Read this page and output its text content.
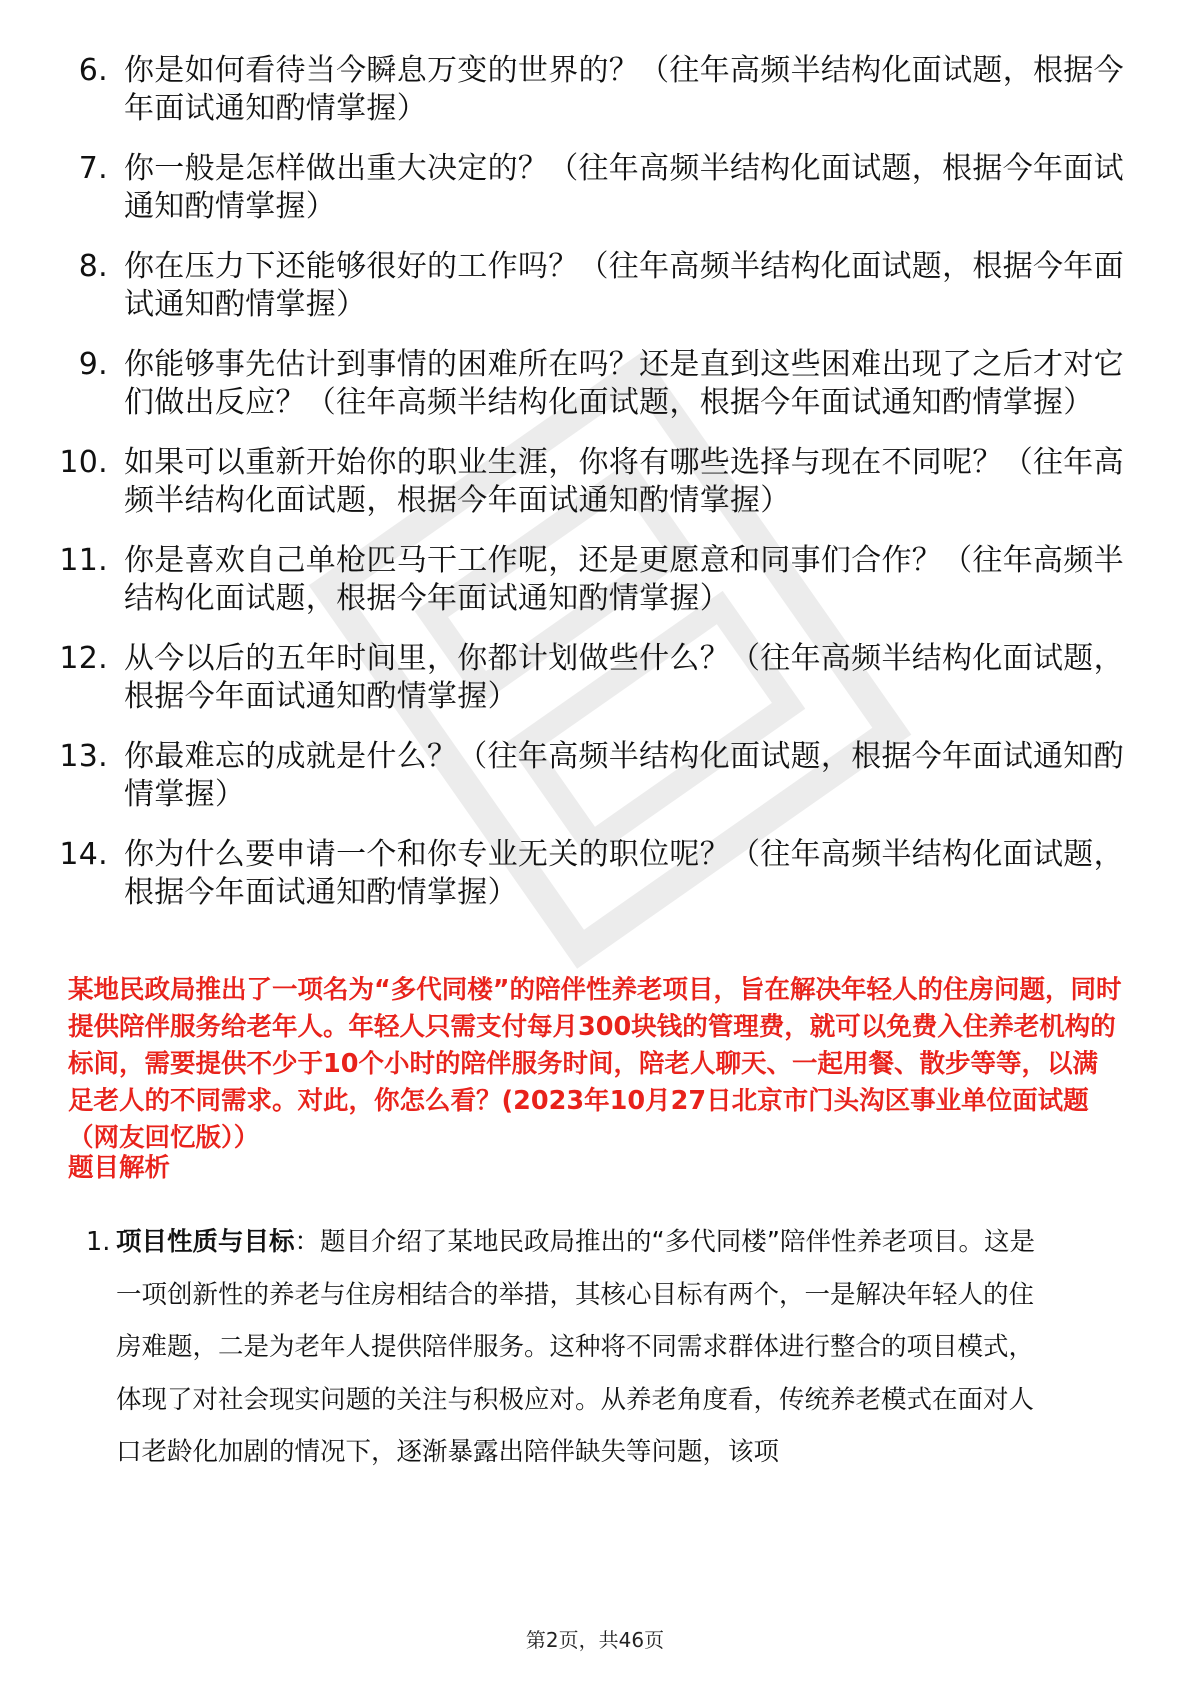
6. 你是如何看待当今瞬息万变的世界的？（往年高频半结构化面试题，根据今年面试通知酌情掌握）
7. 你一般是怎样做出重大决定的？（往年高频半结构化面试题，根据今年面试通知酌情掌握）
8. 你在压力下还能够很好的工作吗？（往年高频半结构化面试题，根据今年面试通知酌情掌握）
9. 你能够事先估计到事情的困难所在吗？还是直到这些困难出现了之后才对它们做出反应？（往年高频半结构化面试题，根据今年面试通知酌情掌握）
10. 如果可以重新开始你的职业生涯，你将有哪些选择与现在不同呢？（往年高频半结构化面试题，根据今年面试通知酌情掌握）
11. 你是喜欢自己单枪匹马干工作呢，还是更愿意和同事们合作？（往年高频半结构化面试题，根据今年面试通知酌情掌握）
12. 从今以后的五年时间里，你都计划做些什么？（往年高频半结构化面试题，根据今年面试通知酌情掌握）
13. 你最难忘的成就是什么？（往年高频半结构化面试题，根据今年面试通知酌情掌握）
14. 你为什么要申请一个和你专业无关的职位呢？（往年高频半结构化面试题，根据今年面试通知酌情掌握）
某地民政局推出了一项名为“多代同楼”的陪伴性养老项目，旨在解决年轻人的住房问题，同时提供陪伴服务给老年人。年轻人只需支付每月300块钱的管理费，就可以免费入住养老机构的标间，需要提供不少于10个小时的陪伴服务时间，陪老人聊天、一起用餐、散步等等，以满足老人的不同需求。对此，你怎么看？(2023年10月27日北京市门头沟区事业单位面试题（网友回忆版））
题目解析
1. 项目性质与目标：题目介绍了某地民政局推出的“多代同楼”陪伴性养老项目。这是一项创新性的养老与住房相结合的举措，其核心目标有两个，一是解决年轻人的住房难题，二是为老年人提供陪伴服务。这种将不同需求群体进行整合的项目模式，体现了对社会现实问题的关注与积极应对。从养老角度看，传统养老模式在面对人口老龄化加剧的情况下，逐渐暴露出陪伴缺失等问题，该项
第2页，共46页
